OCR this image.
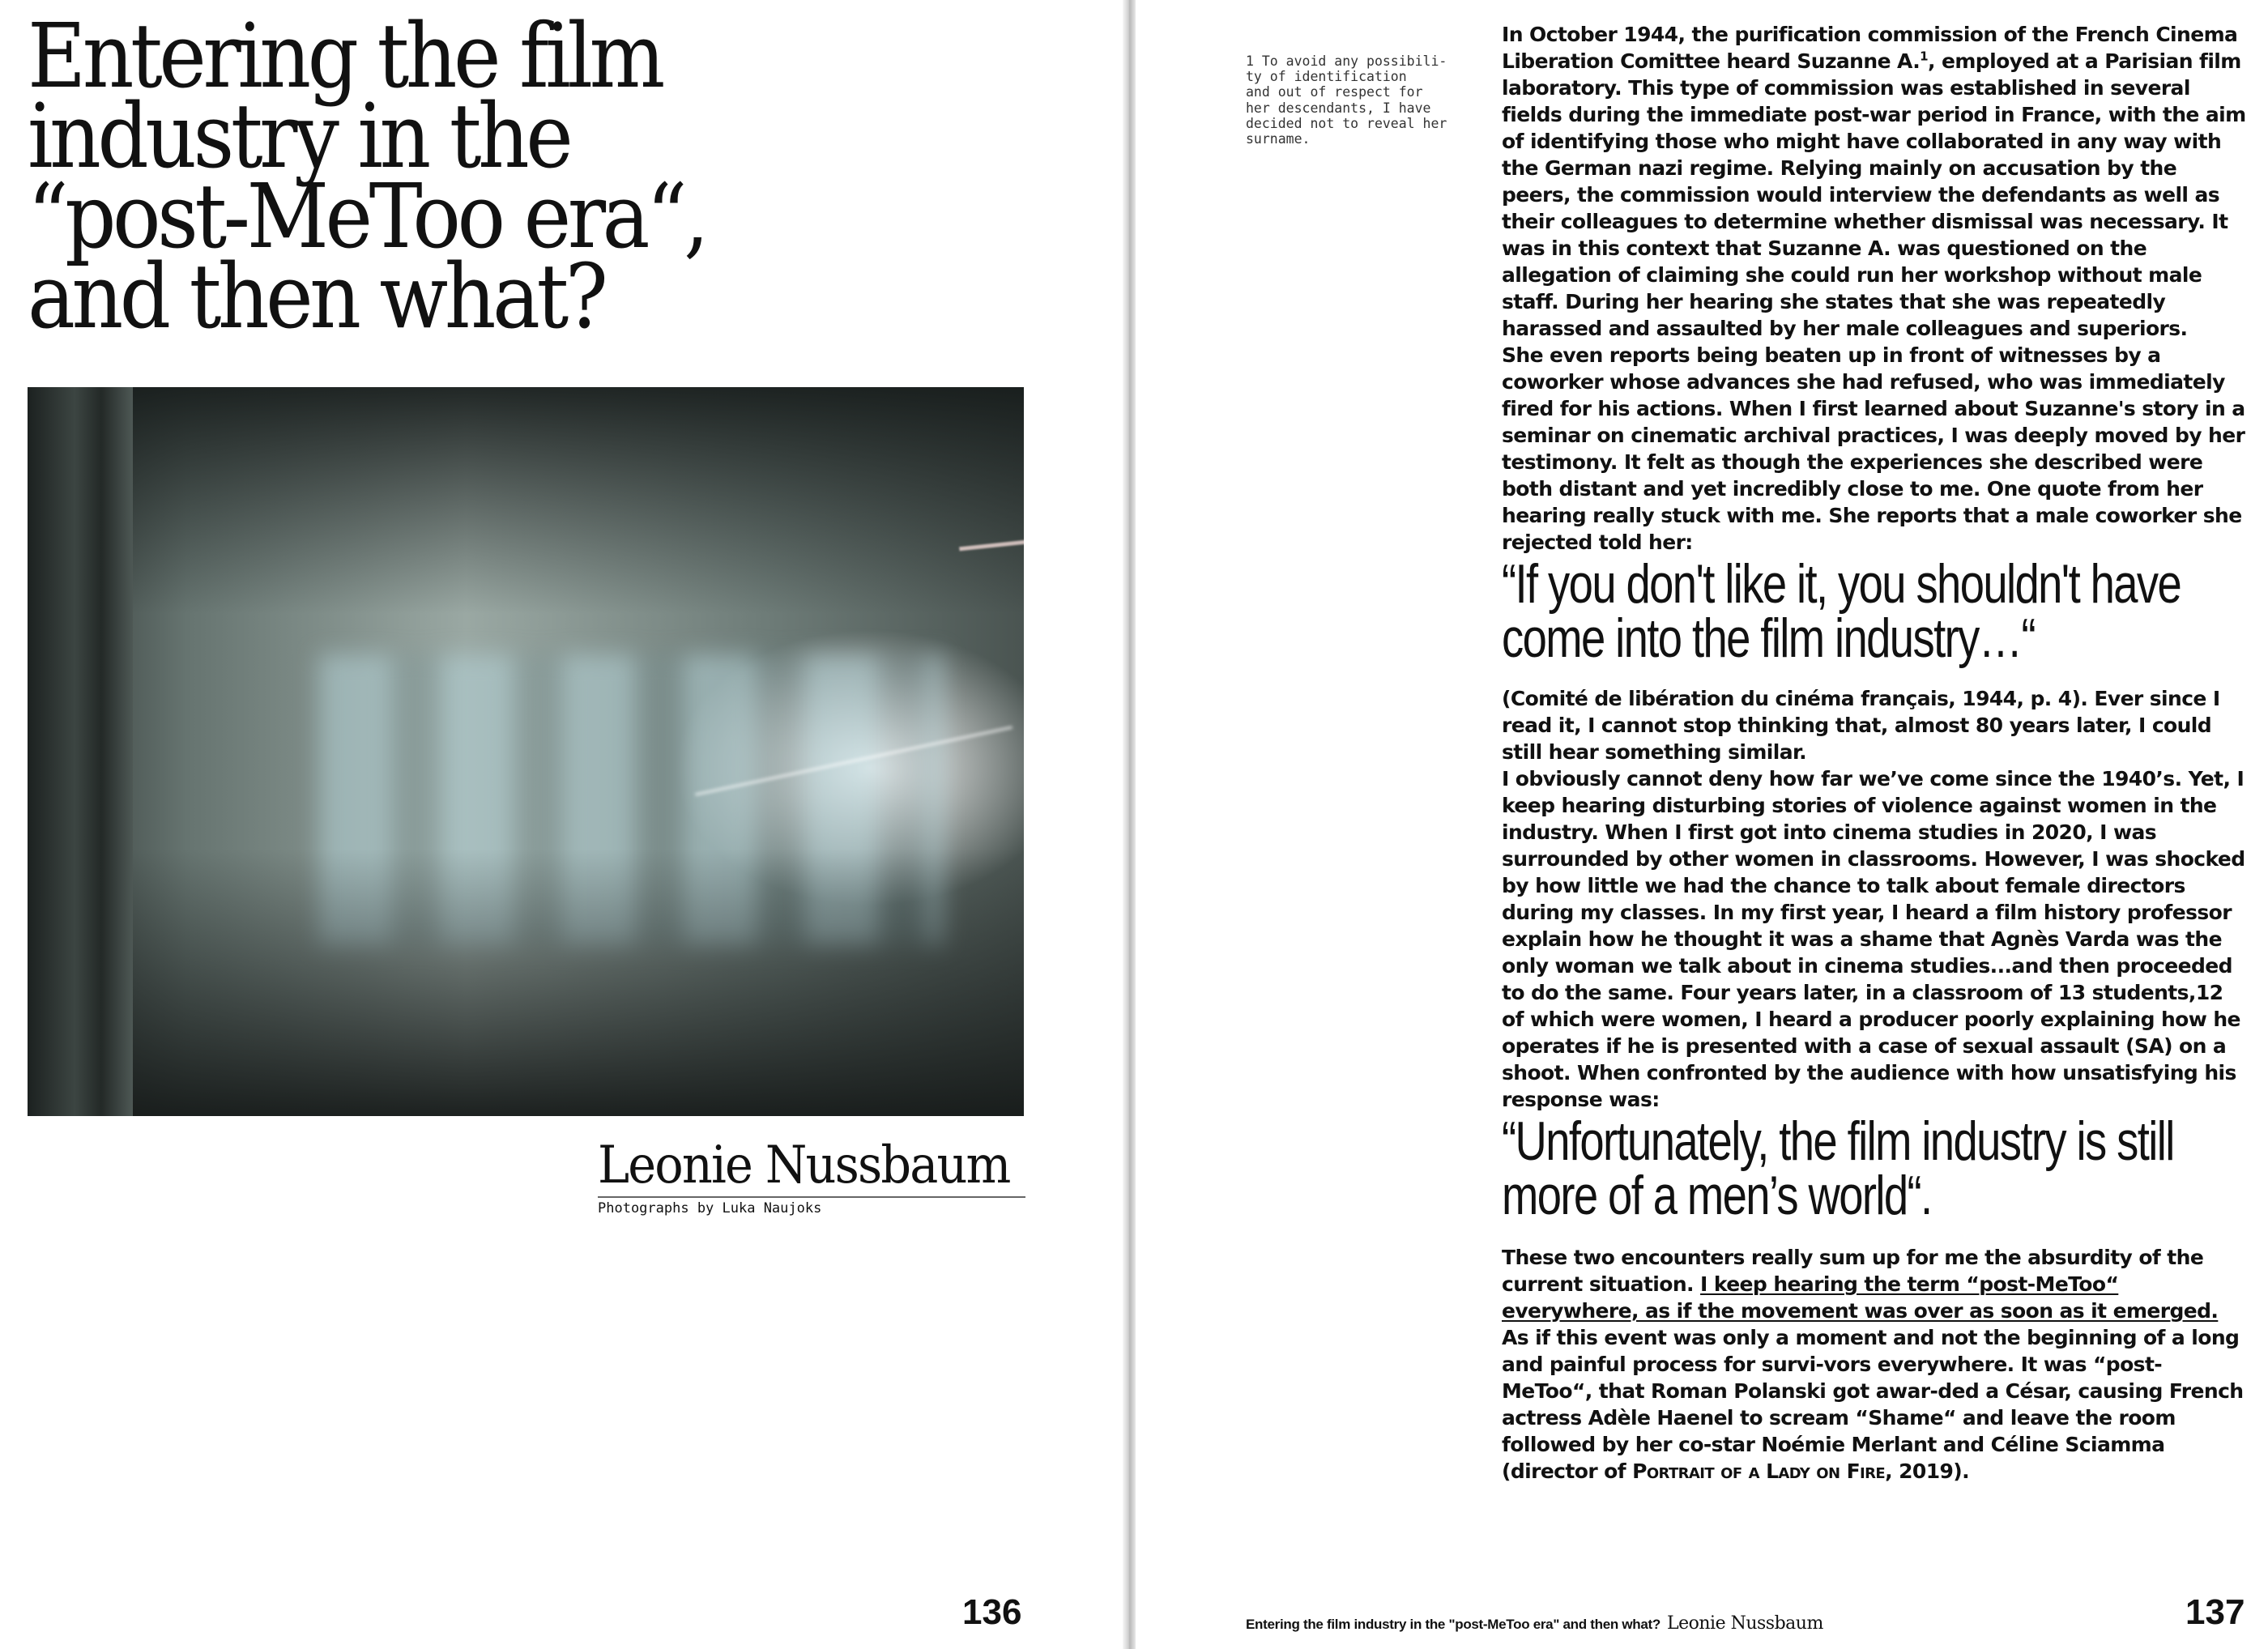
Entering the film
industry in the
“post-MeToo era“,
and then what?
Leonie Nussbaum
Photographs by Luka Naujoks
136
1 To avoid any possibili-
ty of identification
and out of respect for
her descendants, I have
decided not to reveal her
surname.

In October 1944, the purification commission of the French Cinema Liberation Comittee heard Suzanne A.$^1$, employed at a Parisian film laboratory. This type of commission was established in several fields during the immediate post-war period in France, with the aim of identifying those who might have collaborated in any way with the German nazi regime. Relying mainly on accusation by the peers, the commission would interview the defendants as well as their colleagues to determine whether dismissal was necessary. It was in this context that Suzanne A. was questioned on the allegation of claiming she could run her workshop without male staff. During her hearing she states that she was repeatedly harassed and assaulted by her male colleagues and superiors.

She even reports being beaten up in front of witnesses by a coworker whose advances she had refused, who was immediately fired for his actions. When I first learned about Suzanne's story in a seminar on cinematic archival practices, I was deeply moved by her testimony. It felt as though the experiences she described were both distant and yet incredibly close to me. One quote from her hearing really stuck with me. She reports that a male coworker she rejected told her:

“If you don't like it, you shouldn't have
come into the film industry…“

(Comité de libération du cinéma français, 1944, p. 4). Ever since I read it, I cannot stop thinking that, almost 80 years later, I could still hear something similar.

I obviously cannot deny how far we’ve come since the 1940’s. Yet, I keep hearing disturbing stories of violence against women in the industry. When I first got into cinema studies in 2020, I was surrounded by other women in classrooms. However, I was shocked by how little we had the chance to talk about female directors during my classes. In my first year, I heard a film history professor explain how he thought it was a shame that Agnès Varda was the only woman we talk about in cinema studies...and then proceeded to do the same. Four years later, in a classroom of 13 students,12 of which were women, I heard a producer poorly explaining how he operates if he is presented with a case of sexual assault (SA) on a shoot. When confronted by the audience with how unsatisfying his response was:

“Unfortunately, the film industry is still
more of a men’s world“.

These two encounters really sum up for me the absurdity of the current situation. I keep hearing the term “post-MeToo“ everywhere, as if the movement was over as soon as it emerged. As if this event was only a moment and not the beginning of a long and painful process for survi-vors everywhere. It was “post-MeToo“, that Roman Polanski got awar-ded a César, causing French actress Adèle Haenel to scream “Shame“ and leave the room followed by her co-star Noémie Merlant and Céline Sciamma (director of Portrait of a Lady on Fire, 2019).

Entering the film industry in the "post-MeToo era" and then what? Leonie Nussbaum	137
